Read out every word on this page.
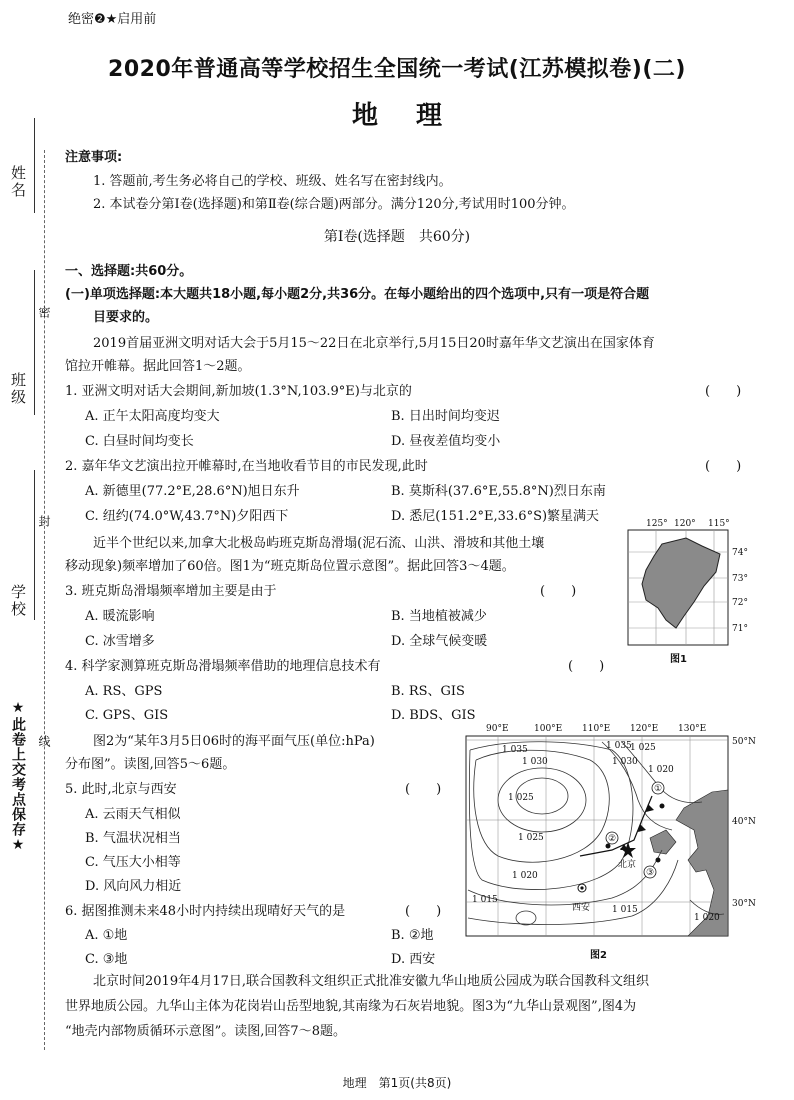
姓名
密
班级
封
学校
线
★此卷上交考点保存★
绝密❷★启用前
2020年普通高等学校招生全国统一考试(江苏模拟卷)(二)
地理
注意事项:
1. 答题前,考生务必将自己的学校、班级、姓名写在密封线内。
2. 本试卷分第Ⅰ卷(选择题)和第Ⅱ卷(综合题)两部分。满分120分,考试用时100分钟。
第Ⅰ卷(选择题　共60分)
一、选择题:共60分。
(一)单项选择题:本大题共18小题,每小题2分,共36分。在每小题给出的四个选项中,只有一项是符合题
目要求的。
2019首届亚洲文明对话大会于5月15～22日在北京举行,5月15日20时嘉年华文艺演出在国家体育
馆拉开帷幕。据此回答1～2题。
1. 亚洲文明对话大会期间,新加坡(1.3°N,103.9°E)与北京的	(　　)
A. 正午太阳高度均变大	B. 日出时间均变迟
C. 白昼时间均变长	D. 昼夜差值均变小
2. 嘉年华文艺演出拉开帷幕时,在当地收看节目的市民发现,此时	(　　)
A. 新德里(77.2°E,28.6°N)旭日东升	B. 莫斯科(37.6°E,55.8°N)烈日东南
C. 纽约(74.0°W,43.7°N)夕阳西下	D. 悉尼(151.2°E,33.6°S)繁星满天
近半个世纪以来,加拿大北极岛屿班克斯岛滑塌(泥石流、山洪、滑坡和其他土壤
移动现象)频率增加了60倍。图1为“班克斯岛位置示意图”。据此回答3～4题。
3. 班克斯岛滑塌频率增加主要是由于	(　　)
A. 暖流影响	B. 当地植被减少
C. 冰雪增多	D. 全球气候变暖
4. 科学家测算班克斯岛滑塌频率借助的地理信息技术有	(　　)
A. RS、GPS	B. RS、GIS
C. GPS、GIS	D. BDS、GIS
125° 120° 115°
74°
73°
72°
71°
图1
图2为“某年3月5日06时的海平面气压(单位:hPa)
分布图”。读图,回答5～6题。
5. 此时,北京与西安	(　　)
A. 云雨天气相似
B. 气温状况相当
C. 气压大小相等
D. 风向风力相近
6. 据图推测未来48小时内持续出现晴好天气的是	(　　)
A. ①地	B. ②地
C. ③地	D. 西安
90°E	100°E 110°E 120°E 130°E
1 035
1 030
1 025
1 035
1 030
1 025
1 020
1 025
1 020
1 015
1 015
1 020
①
②
③
北京
西安
50°N
40°N
30°N
图2
北京时间2019年4月17日,联合国教科文组织正式批准安徽九华山地质公园成为联合国教科文组织
世界地质公园。九华山主体为花岗岩山岳型地貌,其南缘为石灰岩地貌。图3为“九华山景观图”,图4为
“地壳内部物质循环示意图”。读图,回答7～8题。
地理　第1页(共8页)
